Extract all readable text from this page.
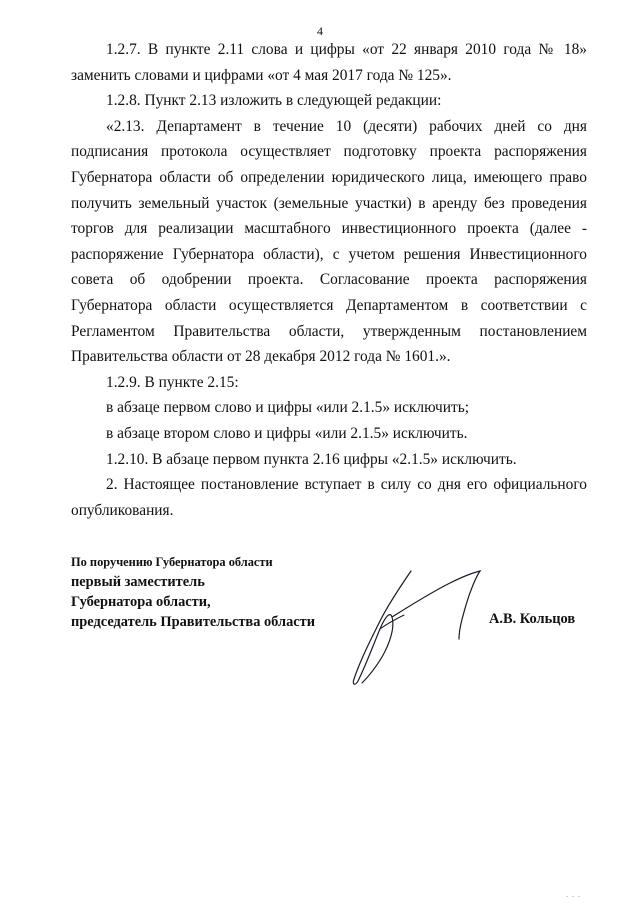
4

1.2.7. В пункте 2.11 слова и цифры «от 22 января 2010 года № 18» заменить словами и цифрами «от 4 мая 2017 года № 125».

1.2.8. Пункт 2.13 изложить в следующей редакции:

«2.13. Департамент в течение 10 (десяти) рабочих дней со дня подписания протокола осуществляет подготовку проекта распоряжения Губернатора области об определении юридического лица, имеющего право получить земельный участок (земельные участки) в аренду без проведения торгов для реализации масштабного инвестиционного проекта (далее - распоряжение Губернатора области), с учетом решения Инвестиционного совета об одобрении проекта. Согласование проекта распоряжения Губернатора области осуществляется Департаментом в соответствии с Регламентом Правительства области, утвержденным постановлением Правительства области от 28 декабря 2012 года № 1601.».

1.2.9. В пункте 2.15:

в абзаце первом слово и цифры «или 2.1.5» исключить;

в абзаце втором слово и цифры «или 2.1.5» исключить.

1.2.10. В абзаце первом пункта 2.16 цифры «2.1.5» исключить.

2. Настоящее постановление вступает в силу со дня его официального опубликования.

По поручению Губернатора области
первый заместитель
Губернатора области,
председатель Правительства области	А.В. Кольцов
. . .
